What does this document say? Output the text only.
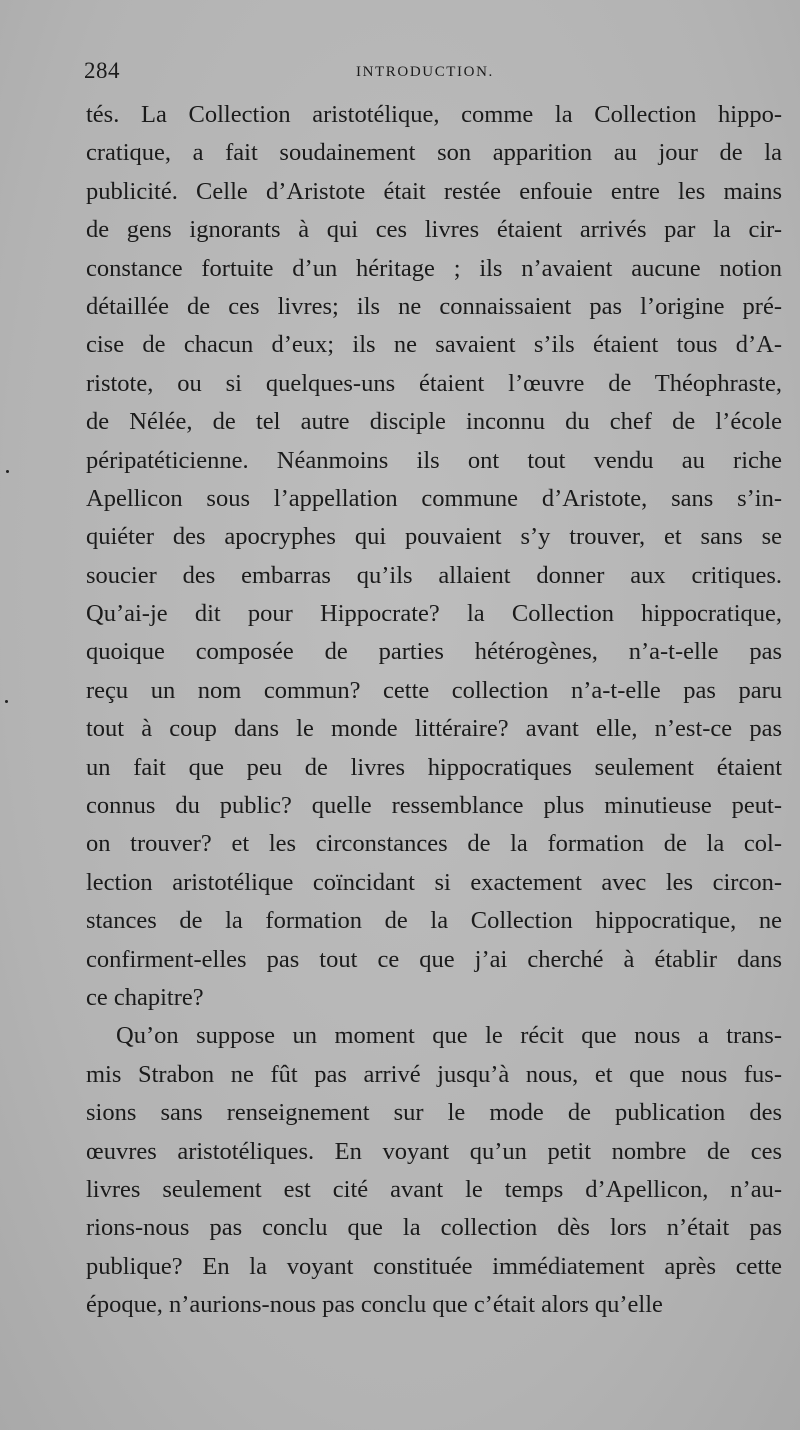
284	INTRODUCTION.
tés. La Collection aristotélique, comme la Collection hippo-
cratique, a fait soudainement son apparition au jour de la
publicité. Celle d’Aristote était restée enfouie entre les mains
de gens ignorants à qui ces livres étaient arrivés par la cir-
constance fortuite d’un héritage ; ils n’avaient aucune notion
détaillée de ces livres; ils ne connaissaient pas l’origine pré-
cise de chacun d’eux; ils ne savaient s’ils étaient tous d’A-
ristote, ou si quelques-uns étaient l’œuvre de Théophraste,
de Nélée, de tel autre disciple inconnu du chef de l’école
péripatéticienne. Néanmoins ils ont tout vendu au riche
Apellicon sous l’appellation commune d’Aristote, sans s’in-
quiéter des apocryphes qui pouvaient s’y trouver, et sans se
soucier des embarras qu’ils allaient donner aux critiques.
Qu’ai-je dit pour Hippocrate? la Collection hippocratique,
quoique composée de parties hétérogènes, n’a-t-elle pas
reçu un nom commun? cette collection n’a-t-elle pas paru
tout à coup dans le monde littéraire? avant elle, n’est-ce pas
un fait que peu de livres hippocratiques seulement étaient
connus du public? quelle ressemblance plus minutieuse peut-
on trouver? et les circonstances de la formation de la col-
lection aristotélique coïncidant si exactement avec les circon-
stances de la formation de la Collection hippocratique, ne
confirment-elles pas tout ce que j’ai cherché à établir dans
ce chapitre?
Qu’on suppose un moment que le récit que nous a trans-
mis Strabon ne fût pas arrivé jusqu’à nous, et que nous fus-
sions sans renseignement sur le mode de publication des
œuvres aristotéliques. En voyant qu’un petit nombre de ces
livres seulement est cité avant le temps d’Apellicon, n’au-
rions-nous pas conclu que la collection dès lors n’était pas
publique? En la voyant constituée immédiatement après cette
époque, n’aurions-nous pas conclu que c’était alors qu’elle
